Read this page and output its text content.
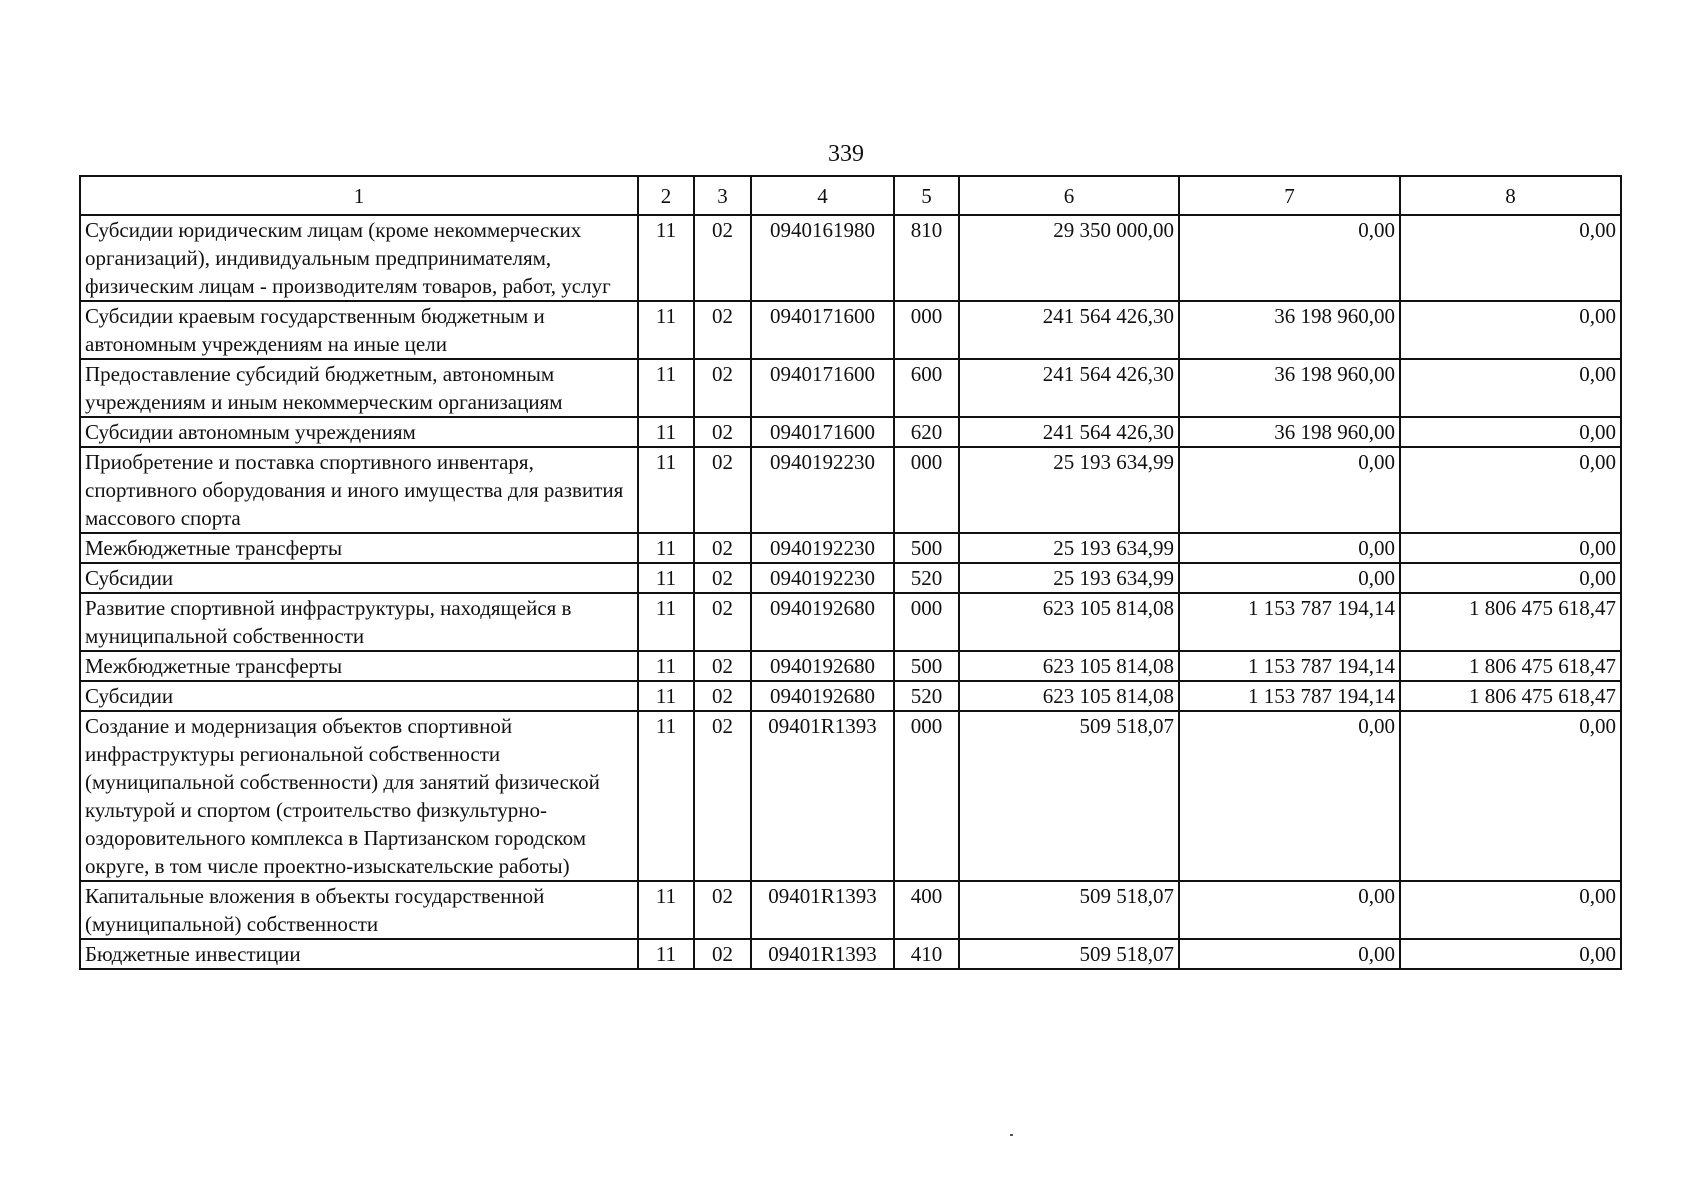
339
1	2	3	4	5	6	7	8
Субсидии юридическим лицам (кроме некоммерческих организаций), индивидуальным предпринимателям, физическим лицам - производителям товаров, работ, услуг	11	02	0940161980	810	29 350 000,00	0,00	0,00
Субсидии краевым государственным бюджетным и автономным учреждениям на иные цели	11	02	0940171600	000	241 564 426,30	36 198 960,00	0,00
Предоставление субсидий бюджетным, автономным учреждениям и иным некоммерческим организациям	11	02	0940171600	600	241 564 426,30	36 198 960,00	0,00
Субсидии автономным учреждениям	11	02	0940171600	620	241 564 426,30	36 198 960,00	0,00
Приобретение и поставка спортивного инвентаря, спортивного оборудования и иного имущества для развития массового спорта	11	02	0940192230	000	25 193 634,99	0,00	0,00
Межбюджетные трансферты	11	02	0940192230	500	25 193 634,99	0,00	0,00
Субсидии	11	02	0940192230	520	25 193 634,99	0,00	0,00
Развитие спортивной инфраструктуры, находящейся в муниципальной собственности	11	02	0940192680	000	623 105 814,08	1 153 787 194,14	1 806 475 618,47
Межбюджетные трансферты	11	02	0940192680	500	623 105 814,08	1 153 787 194,14	1 806 475 618,47
Субсидии	11	02	0940192680	520	623 105 814,08	1 153 787 194,14	1 806 475 618,47
Создание и модернизация объектов спортивной инфраструктуры региональной собственности (муниципальной собственности) для занятий физической культурой и спортом (строительство физкультурно-оздоровительного комплекса в Партизанском городском округе, в том числе проектно-изыскательские работы)	11	02	09401R1393	000	509 518,07	0,00	0,00
Капитальные вложения в объекты государственной (муниципальной) собственности	11	02	09401R1393	400	509 518,07	0,00	0,00
Бюджетные инвестиции	11	02	09401R1393	410	509 518,07	0,00	0,00
